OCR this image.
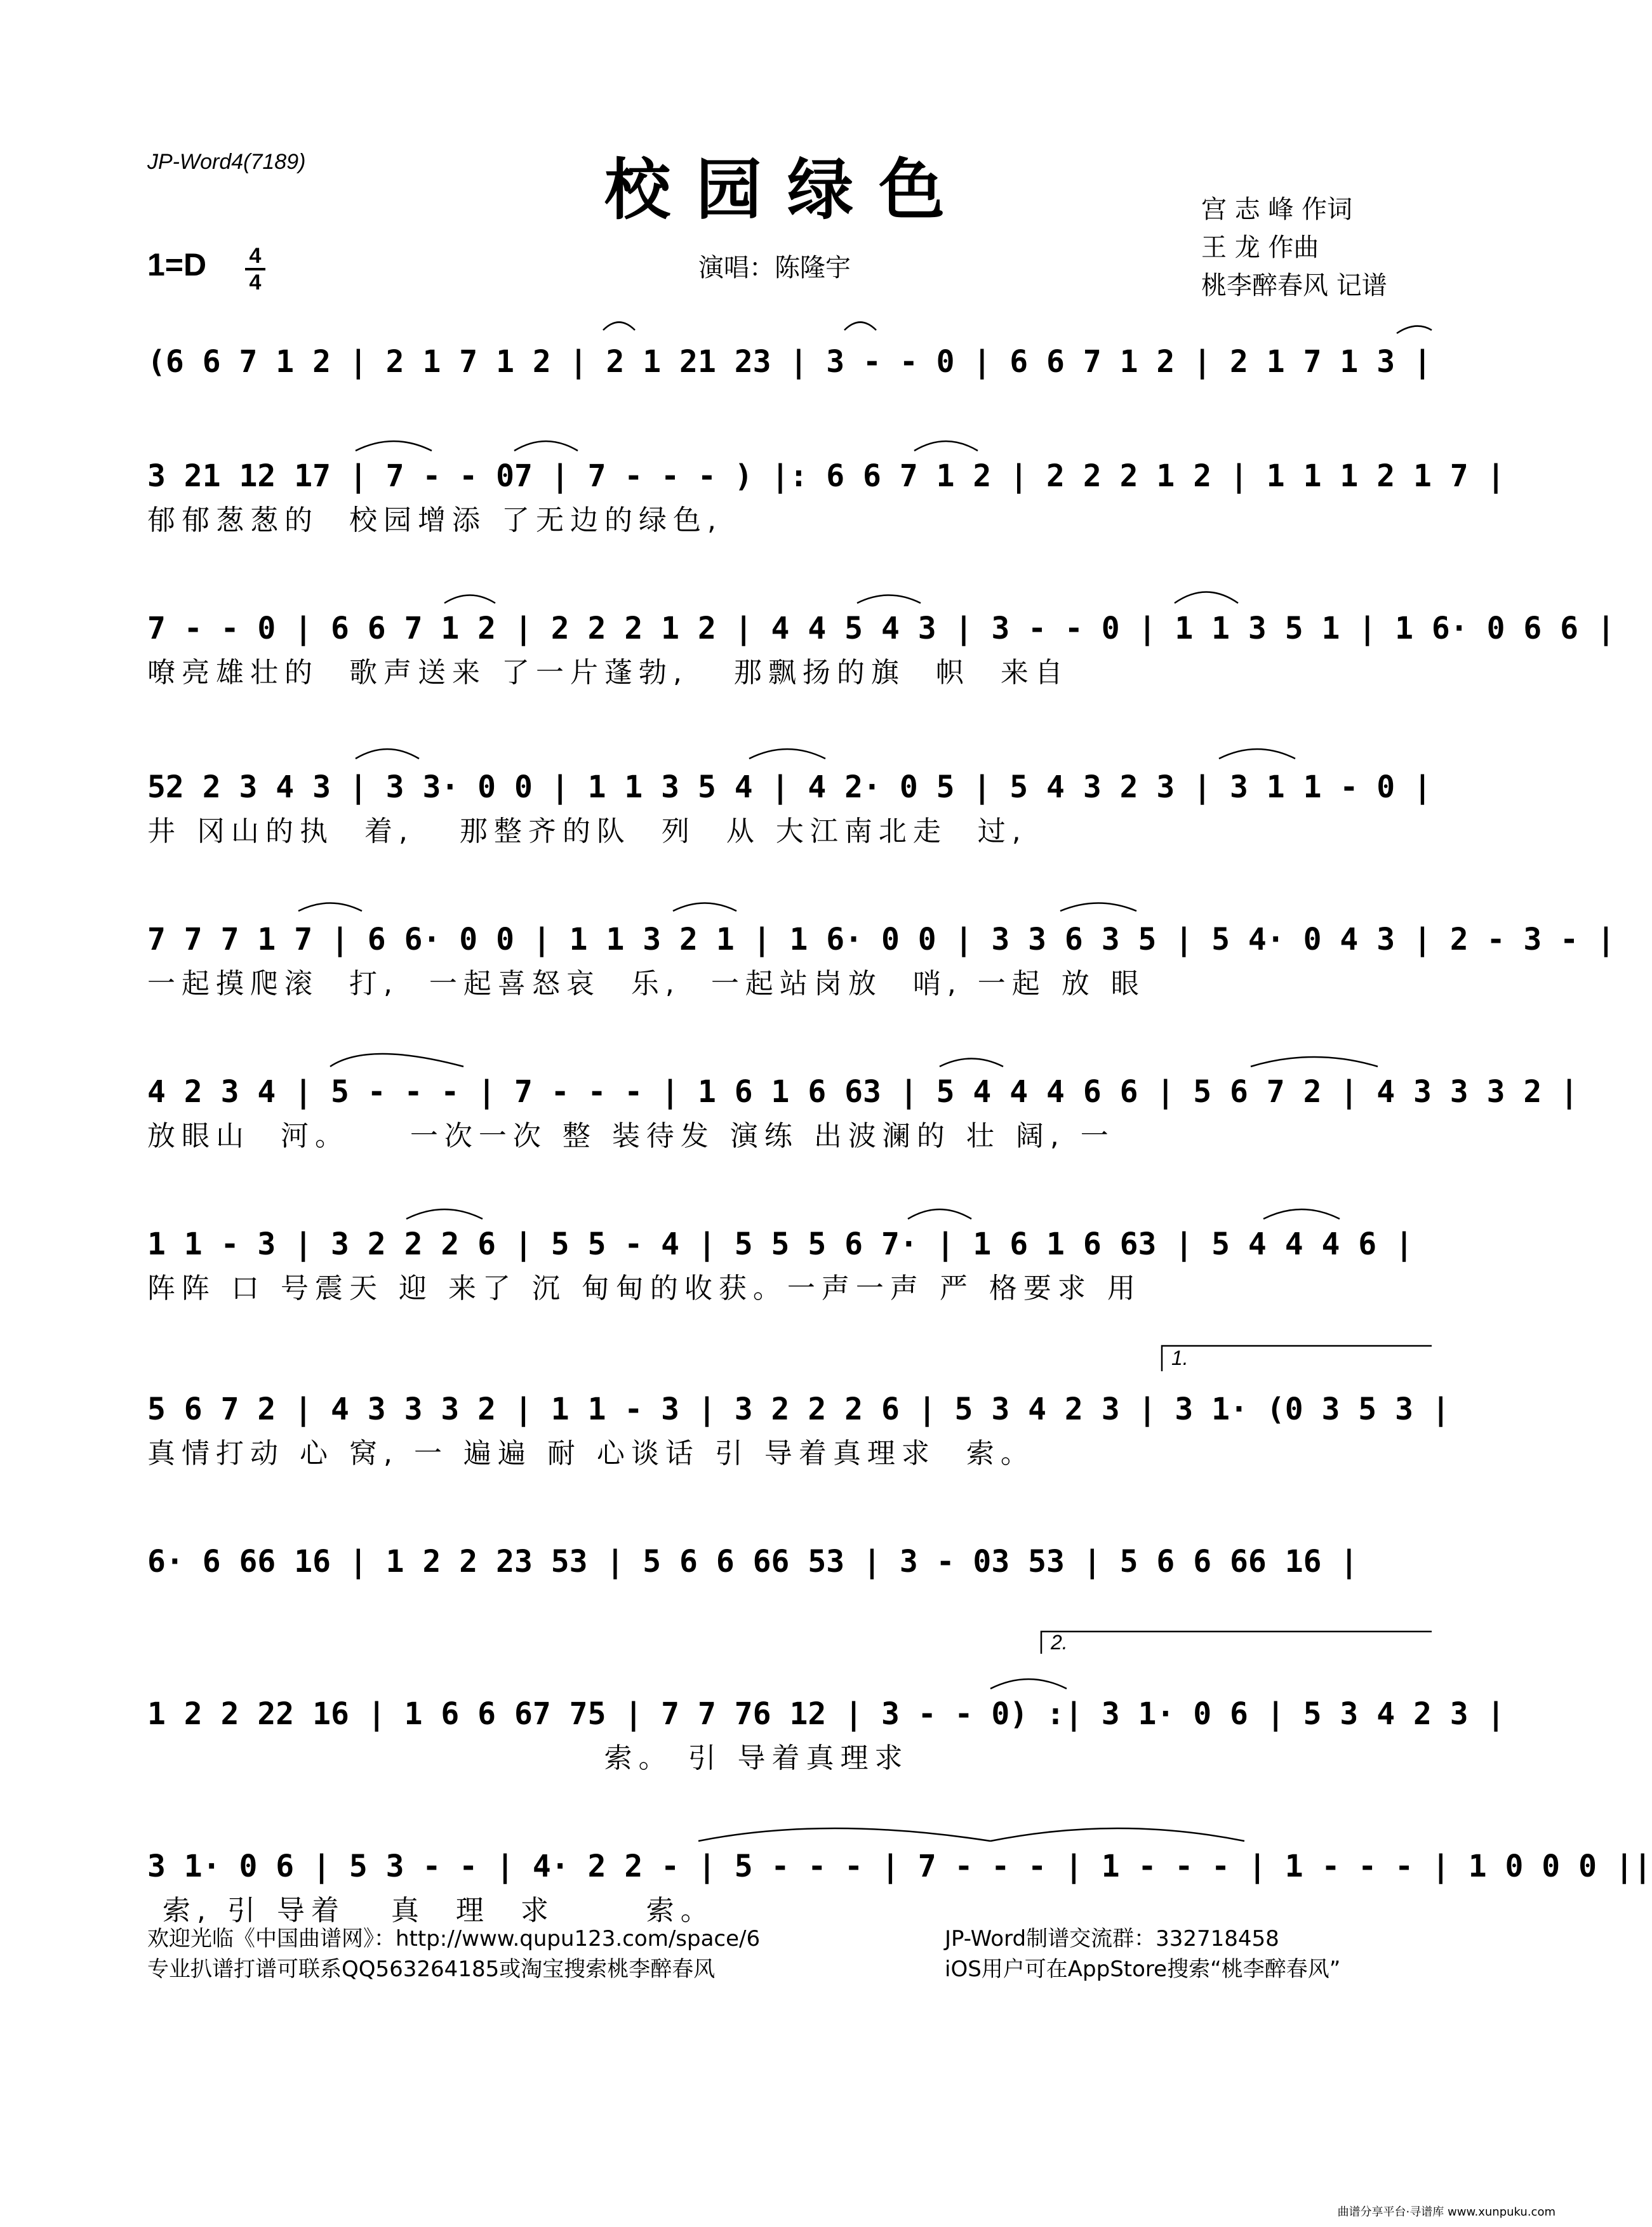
JP-Word4(7189)	校园绿色
1=D 4
4	演唱：陈隆宇
宫 志 峰 作词
王 龙 作曲
桃李醉春风 记谱
(6 6 7 1 2 | 2 1 7 1 2 | 2 1 21 23 | 3 - - 0 | 6 6 7 1 2 | 2 1 7 1 3 |
3 21 12 17 | 7 - - 07 | 7 - - - ) |: 6 6 7 1 2 | 2 2 2 1 2 | 1 1 1 2 1 7 |
郁郁葱葱的  校园增添 了无边的绿色,
7 - - 0 | 6 6 7 1 2 | 2 2 2 1 2 | 4 4 5 4 3 | 3 - - 0 | 1 1 3 5 1 | 1 6· 0 6 6 |
嘹亮雄壮的  歌声送来 了一片蓬勃,   那飘扬的旗  帜  来自
52 2 3 4 3 | 3 3· 0 0 | 1 1 3 5 4 | 4 2· 0 5 | 5 4 3 2 3 | 3 1 1 - 0 |
井 冈山的执  着,   那整齐的队  列  从 大江南北走  过,
7 7 7 1 7 | 6 6· 0 0 | 1 1 3 2 1 | 1 6· 0 0 | 3 3 6 3 5 | 5 4· 0 4 3 | 2 - 3 - |
一起摸爬滚  打,  一起喜怒哀  乐,  一起站岗放  哨, 一起 放 眼
4 2 3 4 | 5 - - - | 7 - - - | 1 6 1 6 63 | 5 4 4 4 6 6 | 5 6 7 2 | 4 3 3 3 2 |
放眼山  河。    一次一次 整 装待发 演练 出波澜的 壮 阔, 一
1 1 - 3 | 3 2 2 2 6 | 5 5 - 4 | 5 5 5 6 7· | 1 6 1 6 63 | 5 4 4 4 6 |
阵阵 口 号震天 迎 来了 沉 甸甸的收获。一声一声 严 格要求 用
5 6 7 2 | 4 3 3 3 2 | 1 1 - 3 | 3 2 2 2 6 | 5 3 4 2 3 | 3 1· (0 3 5 3 |
真情打动 心 窝, 一 遍遍 耐 心谈话 引 导着真理求  索。
6· 6 66 16 | 1 2 2 23 53 | 5 6 6 66 53 | 3 - 03 53 | 5 6 6 66 16 |
1 2 2 22 16 | 1 6 6 67 75 | 7 7 76 12 | 3 - - 0) :| 3 1· 0 6 | 5 3 4 2 3 |
索。 引 导着真理求
3 1· 0 6 | 5 3 - - | 4· 2 2 - | 5 - - - | 7 - - - | 1 - - - | 1 - - - | 1 0 0 0 ||
索, 引 导着   真  理  求      索。
1.
2.
欢迎光临《中国曲谱网》：http://www.qupu123.com/space/6
专业扒谱打谱可联系QQ563264185或淘宝搜索桃李醉春风
JP-Word制谱交流群：332718458
iOS用户可在AppStore搜索“桃李醉春风”
曲谱分享平台·寻谱库 www.xunpuku.com
